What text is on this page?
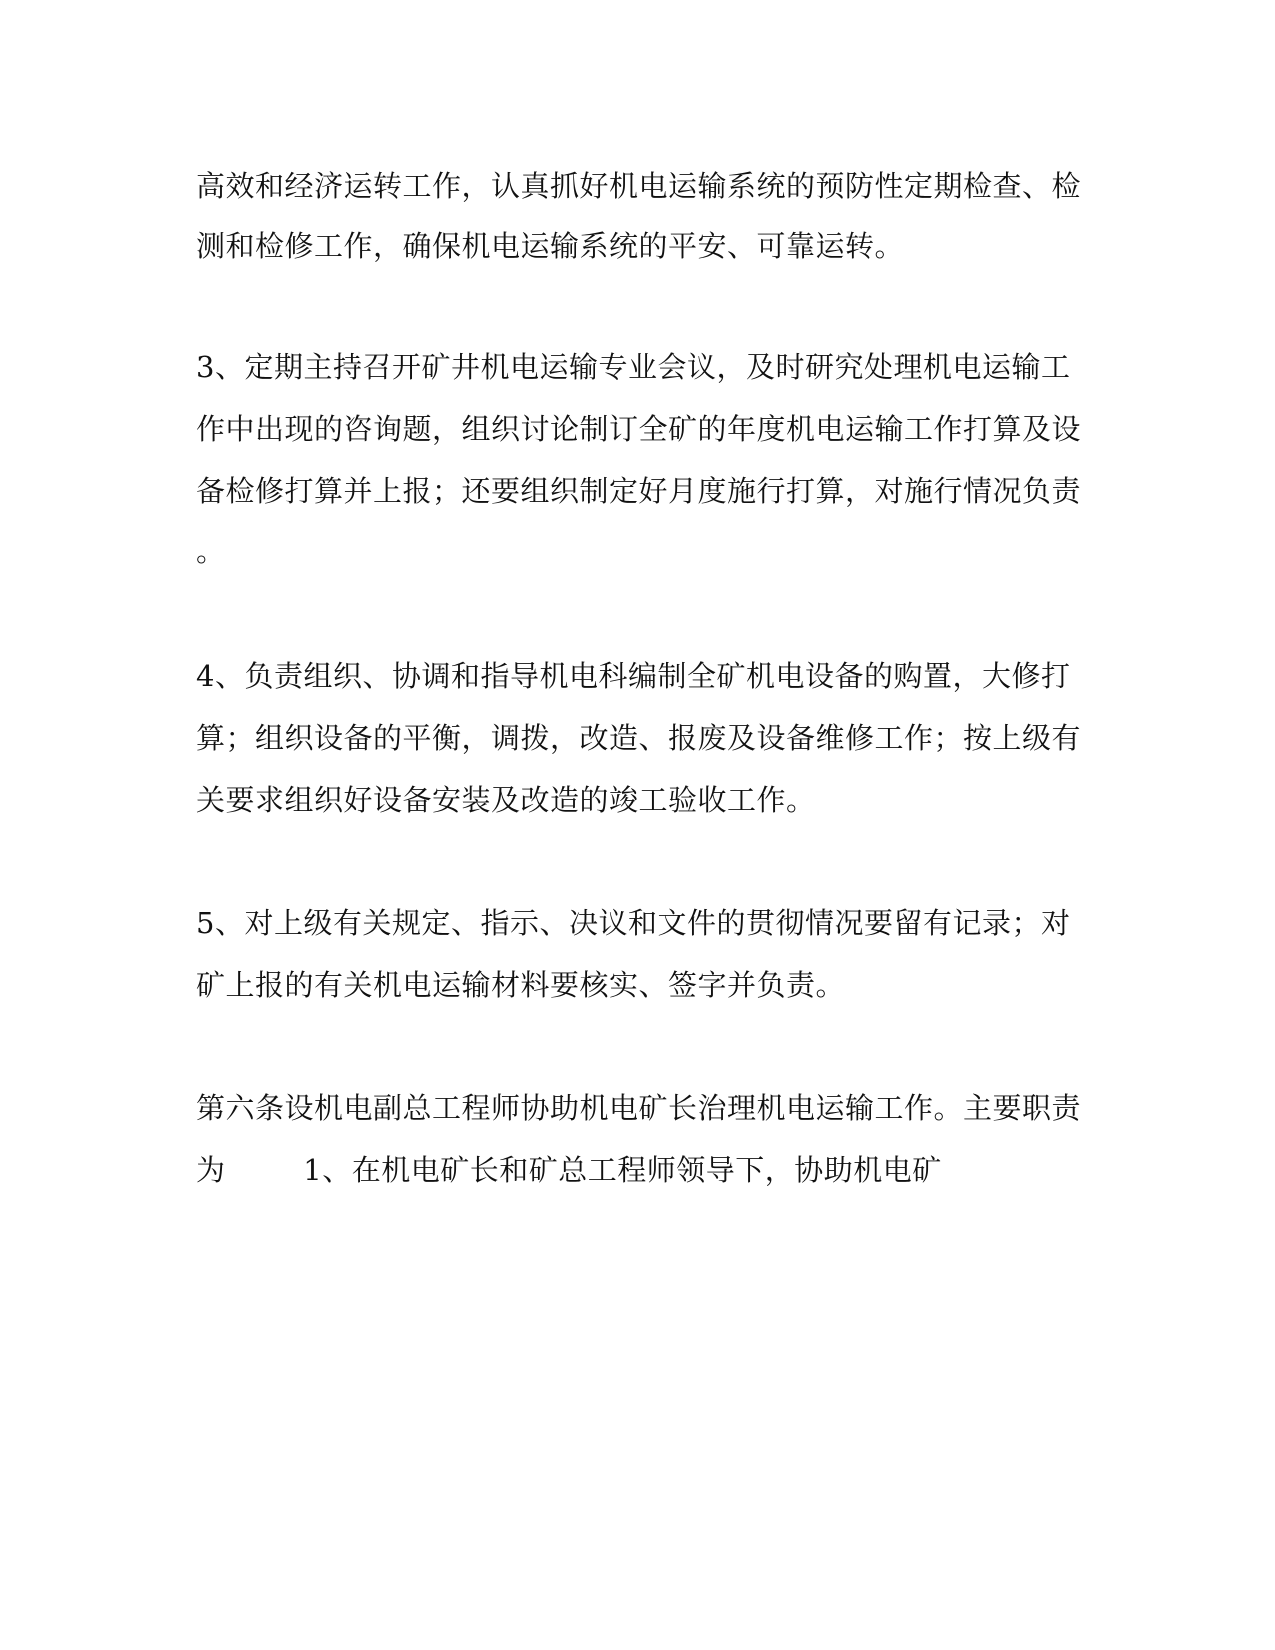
高效和经济运转工作，认真抓好机电运输系统的预防性定期检查、检
测和检修工作，确保机电运输系统的平安、可靠运转。
3、定期主持召开矿井机电运输专业会议，及时研究处理机电运输工
作中出现的咨询题，组织讨论制订全矿的年度机电运输工作打算及设
备检修打算并上报；还要组织制定好月度施行打算，对施行情况负责
。
4、负责组织、协调和指导机电科编制全矿机电设备的购置，大修打
算；组织设备的平衡，调拨，改造、报废及设备维修工作；按上级有
关要求组织好设备安装及改造的竣工验收工作。
5、对上级有关规定、指示、决议和文件的贯彻情况要留有记录；对
矿上报的有关机电运输材料要核实、签字并负责。
第六条设机电副总工程师协助机电矿长治理机电运输工作。主要职责
为        1、在机电矿长和矿总工程师领导下，协助机电矿
